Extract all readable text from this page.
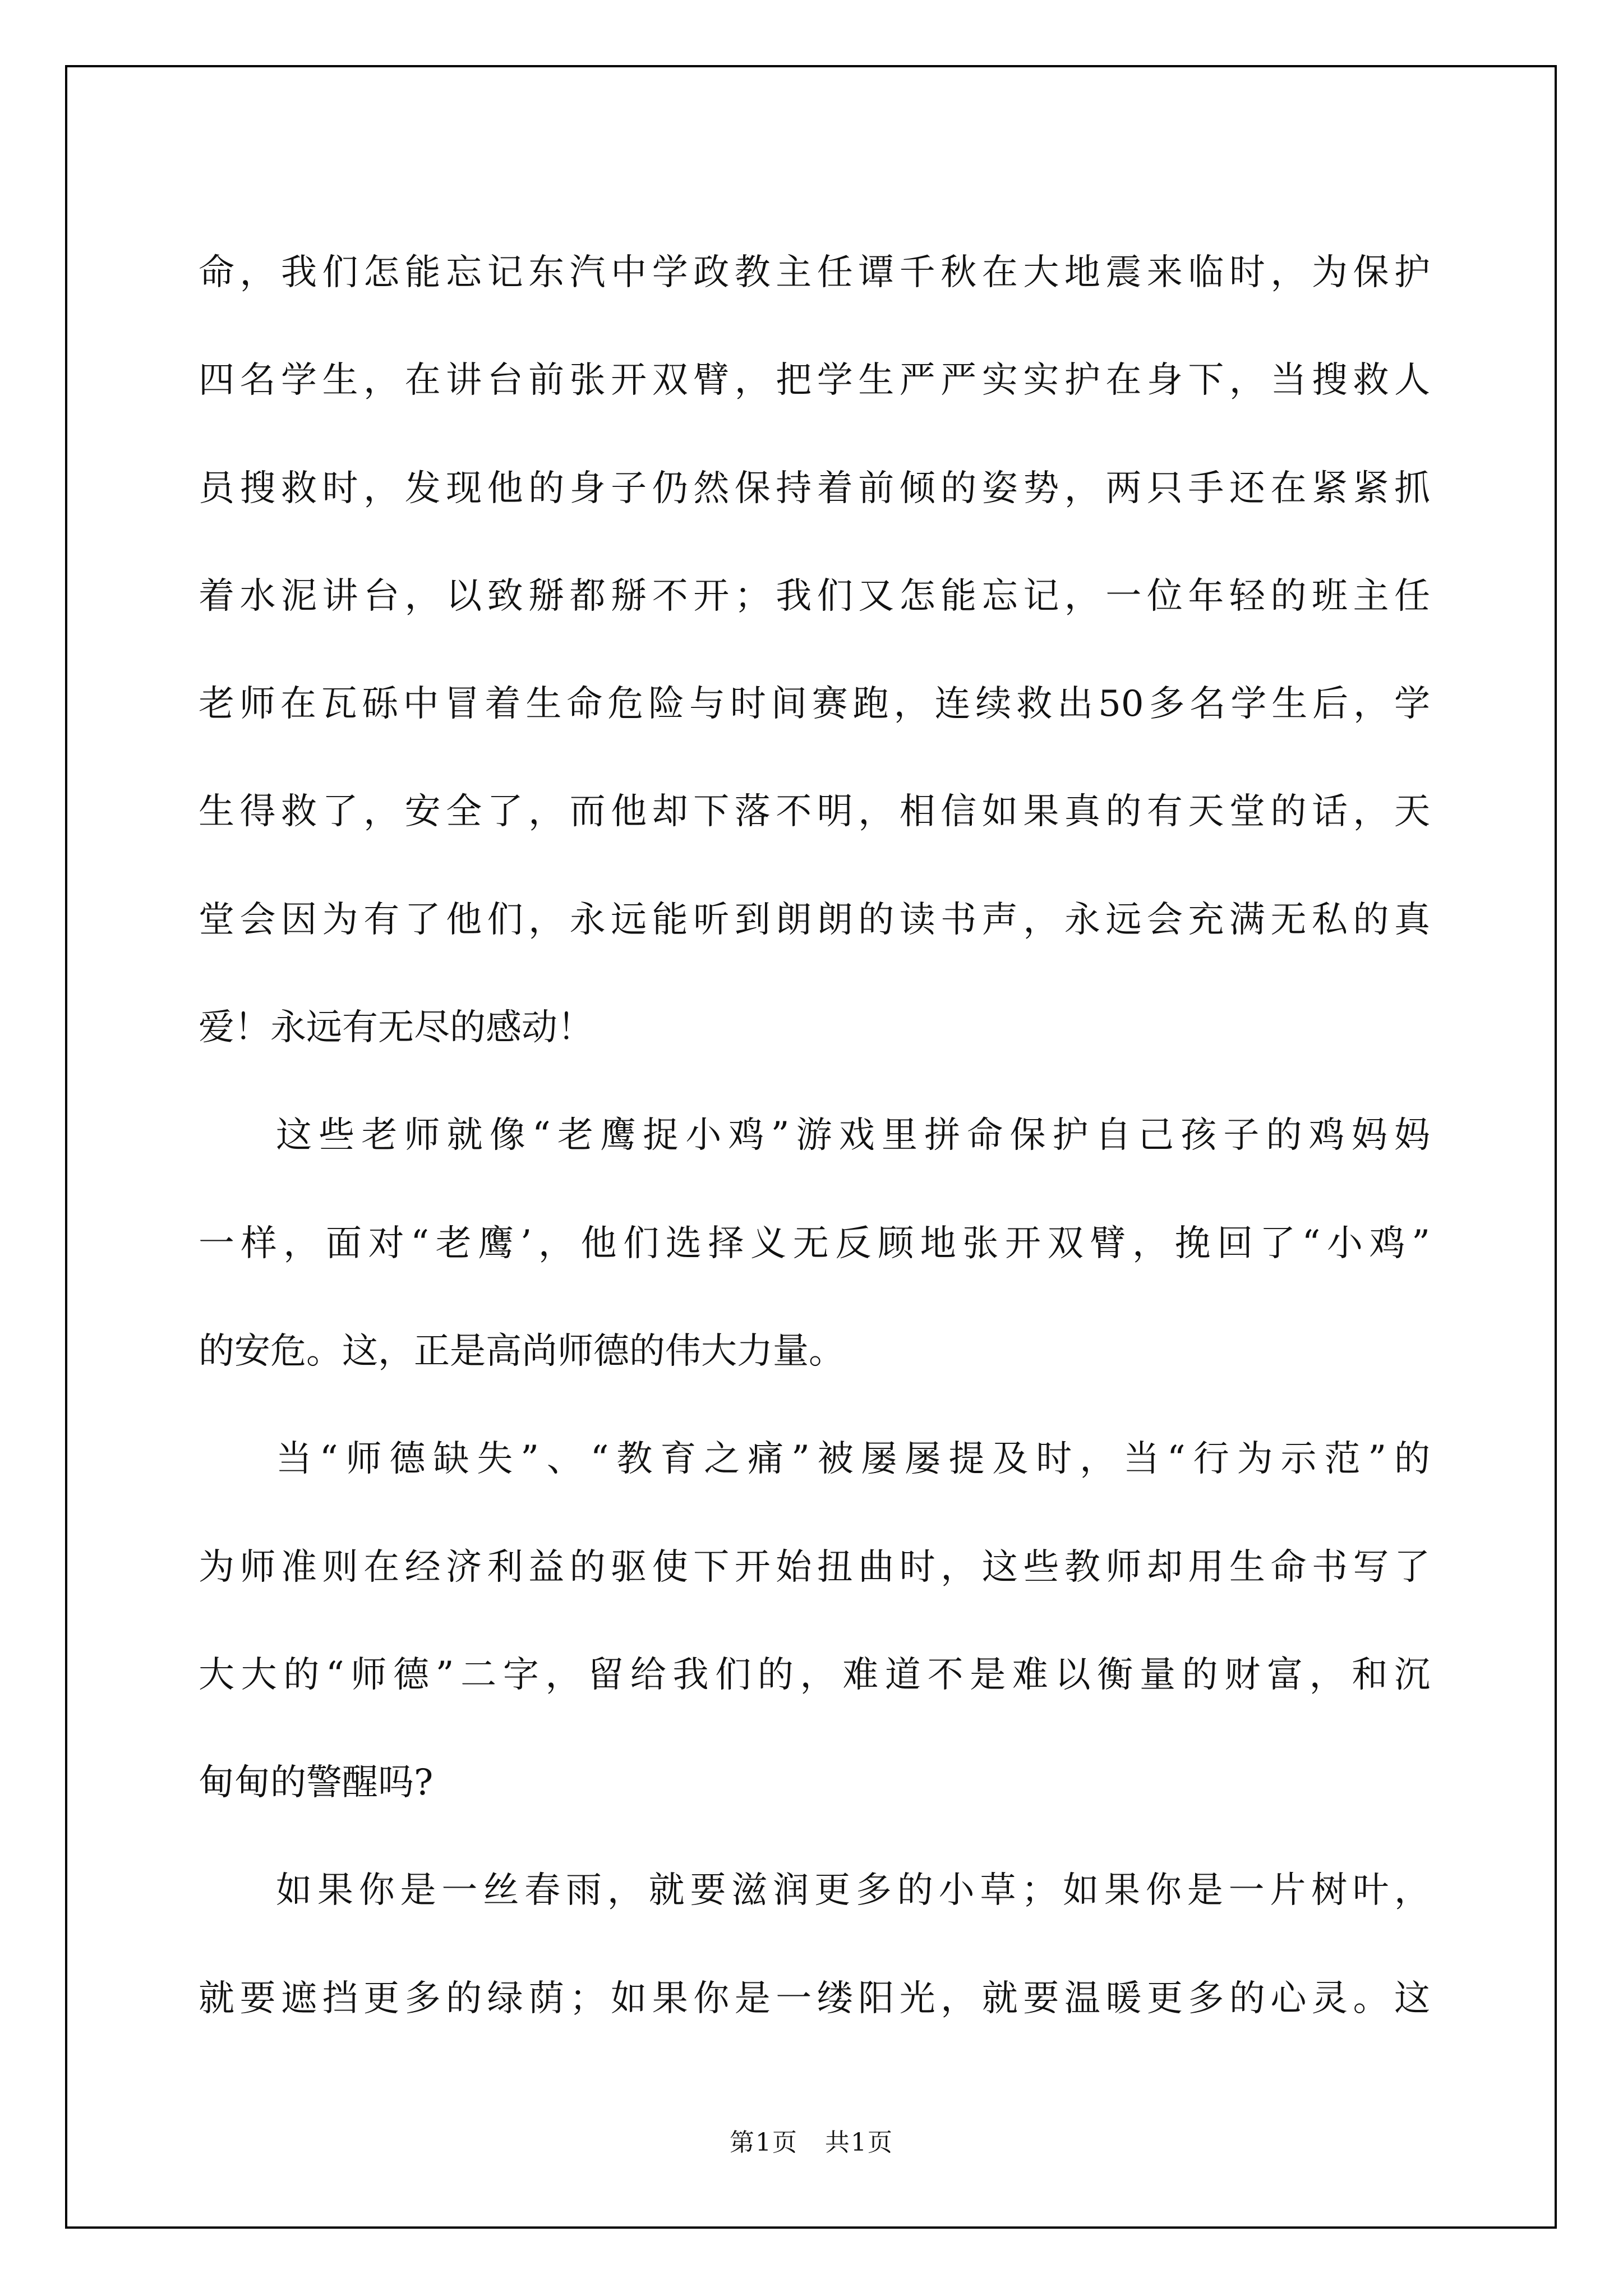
命，我们怎能忘记东汽中学政教主任谭千秋在大地震来临时，为保护
四名学生，在讲台前张开双臂，把学生严严实实护在身下，当搜救人
员搜救时，发现他的身子仍然保持着前倾的姿势，两只手还在紧紧抓
着水泥讲台，以致掰都掰不开；我们又怎能忘记，一位年轻的班主任
老师在瓦砾中冒着生命危险与时间赛跑，连续救出50多名学生后，学
生得救了，安全了，而他却下落不明，相信如果真的有天堂的话，天
堂会因为有了他们，永远能听到朗朗的读书声，永远会充满无私的真
爱！永远有无尽的感动！

这些老师就像“老鹰捉小鸡”游戏里拼命保护自己孩子的鸡妈妈
一样，面对“老鹰’，他们选择义无反顾地张开双臂，挽回了“小鸡”
的安危。这，正是高尚师德的伟大力量。

当“师德缺失”、“教育之痛”被屡屡提及时，当“行为示范”的
为师准则在经济利益的驱使下开始扭曲时，这些教师却用生命书写了
大大的“师德”二字，留给我们的，难道不是难以衡量的财富，和沉
甸甸的警醒吗?

如果你是一丝春雨，就要滋润更多的小草；如果你是一片树叶，
就要遮挡更多的绿荫；如果你是一缕阳光，就要温暖更多的心灵。这

第1页 共1页
